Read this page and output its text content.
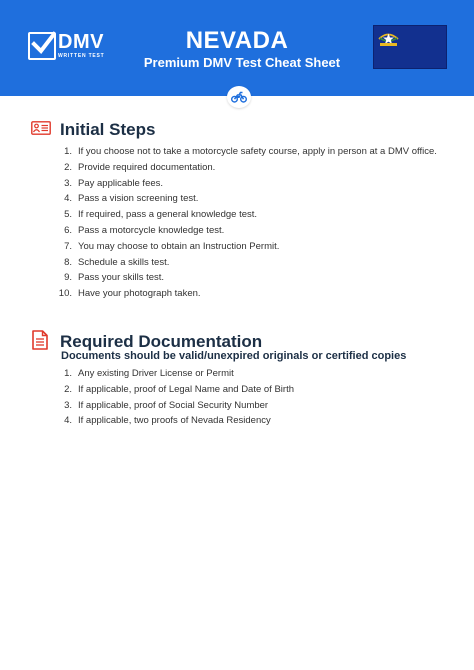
DMV
WRITTEN TEST
NEVADA
Premium DMV Test Cheat Sheet
Initial Steps
1. If you choose not to take a motorcycle safety course, apply in person at a DMV office.
2. Provide required documentation.
3. Pay applicable fees.
4. Pass a vision screening test.
5. If required, pass a general knowledge test.
6. Pass a motorcycle knowledge test.
7. You may choose to obtain an Instruction Permit.
8. Schedule a skills test.
9. Pass your skills test.
10. Have your photograph taken.
Required Documentation
Documents should be valid/unexpired originals or certified copies
1. Any existing Driver License or Permit
2. If applicable, proof of Legal Name and Date of Birth
3. If applicable, proof of Social Security Number
4. If applicable, two proofs of Nevada Residency
